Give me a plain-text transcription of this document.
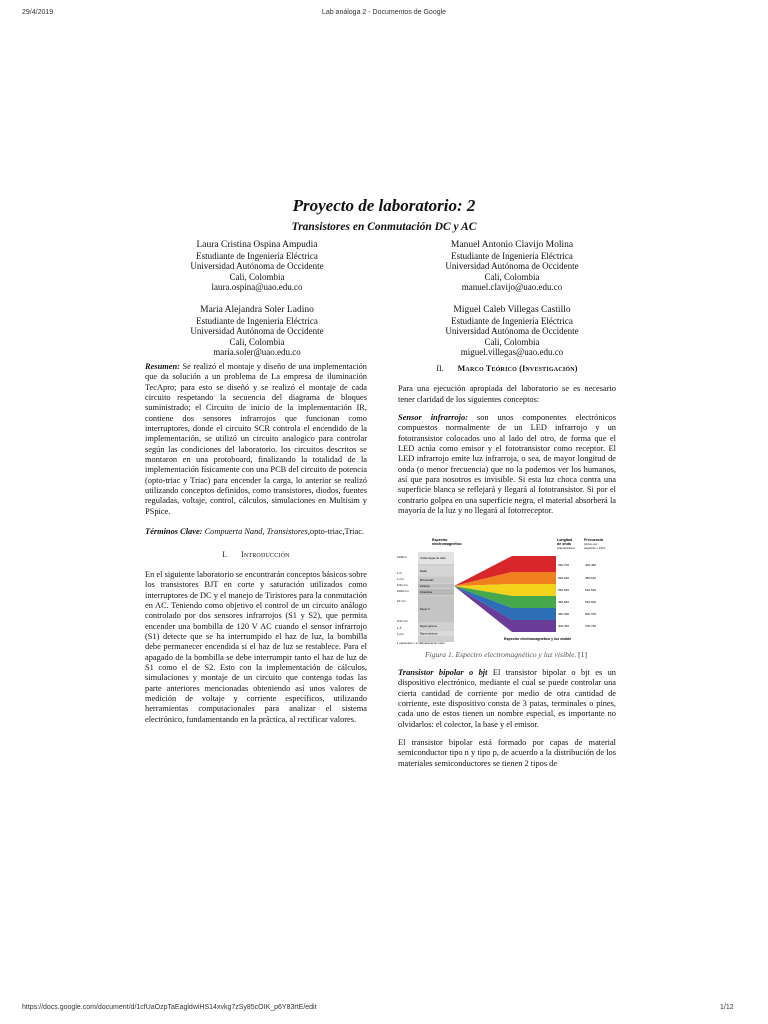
29/4/2019	Lab análoga 2 - Documentos de Google
https://docs.google.com/document/d/1cfUaOzpTaEagldwiHS14xvkg7zSy85cOIK_p6Y83rtE/edit	1/12
Proyecto de laboratorio: 2
Transistores en Conmutación DC y AC
Laura Cristina Ospina Ampudia
Estudiante de Ingeniería Eléctrica
Universidad Autónoma de Occidente
Cali, Colombia
laura.ospina@uao.edu.co
Manuel Antonio Clavijo Molina
Estudiante de Ingeniería Eléctrica
Universidad Autónoma de Occidente
Cali, Colombia
manuel.clavijo@uao.edu.co
Maria Alejandra Soler Ladino
Estudiante de Ingeniería Eléctrica
Universidad Autónoma de Occidente
Cali, Colombia
maria.soler@uao.edu.co
Miguel Caleb Villegas Castillo
Estudiante de Ingeniería Eléctrica
Universidad Autónoma de Occidente
Cali, Colombia
miguel.villegas@uao.edu.co

Resumen: Se realizó el montaje y diseño de una implementación que da solución a un problema de La empresa de iluminación TecApro; para esto se diseñó y se realizó el montaje de cada circuito respetando la secuencia del diagrama de bloques suministrado; el Circuito de inicio de la implementación IR, contiene dos sensores infrarrojos que funcionan como interruptores, donde el circuito SCR controla el encendido de la implementación, se utilizó un circuito analogico para controlar según las condiciones del laboratorio. los circuitos descritos se montaron en una protoboard, finalizando la totalidad de la implementación físicamente con una PCB del circuito de potencia (opto-triac y Triac) para encender la carga, lo anterior se realizó utilizando conceptos definidos, como transistores, diodos, fuentes reguladas, voltaje, control, cálculos, simulaciones en Multisim y PSpice.

Términos Clave: Compuerta Nand, Transistores,opto-triac,Triac.

I. Introducción

En el siguiente laboratorio se encontrarán conceptos básicos sobre los transistores BJT en corte y saturación utilizados como interruptores de DC y el manejo de Tiristores para la conmutación en AC. Teniendo como objetivo el control de un circuito análogo controlado por dos sensores infrarrojos (S1 y S2), que permita encender una bombilla de 120 V AC cuando el sensor infrarrojo (S1) detecte que se ha interrumpido el haz de luz, la bombilla debe permanecer encendida si el haz de luz se restablece. Para el apagado de la bombilla se debe interrumpir tanto el haz de luz de S1 como el de S2. Esto con la implementación de cálculos, simulaciones y montaje de un circuito que contenga todas las parte anteriores mencionadas obteniendo así unos valores de medición de voltaje y corriente específicos, utilizando herramientas computacionales para analizar el sistema electrónico, fundamentando en la práctica, al rectificar valores.

II. Marco Teórico (Investigación)

Para una ejecución apropiada del laboratorio se es necesario tener claridad de los siguientes conceptos:

Sensor infrarrojo: son unos componentes electrónicos compuestos normalmente de un LED infrarrojo y un fototransistor colocados uno al lado del otro, de forma que el LED actúa como emisor y el fototransistor como receptor. El LED infrarrojo emite luz infrarroja, o sea, de mayor longitud de onda (o menor frecuencia) que no la podemos ver los humanos, así que para nosotros es invisible. Si esta luz choca contra una superficie blanca se reflejará y llegará al fototransistor. Si por el contrario golpea en una superficie negra, el material absorberá la mayoría de la luz y no llegará al fotorreceptor.

Espectro
electromagnético
Longitud
de onda
(nanómetros)
Frecuencia
(ciclos por
segundo × 10¹²)
1000 m
1 m
1 cm
0.01 cm
1000 nm
10 nm
0.01 nm
1 Å
1 pm
Ondas largas de radio
Radar
Microondas
Infrarrojo
Ultravioleta
Rayos X
Rayos gamma
Rayos cósmicos
630-700
590-630
560-590
490-560
450-490
400-450
400-480
480-510
510-530
530-600
600-700
700-790
1 nanómetro = 1 millonésima de metro
Espectro electromagnético y luz visible
Figura 1. Espectro electromagnético y luz visible. [1]

Transistor bipolar o bjt El transistor bipolar o bjt es un dispositivo electrónico, mediante el cual se puede controlar una cierta cantidad de corriente por medio de otra cantidad de corriente, este dispositivo consta de 3 patas, terminales o pines, cada uno de estos tienen un nombre especial, es importante no olvidarlos: el colector, la base y el emisor.

El transistor bipolar está formado por capas de material semiconductor tipo n y tipo p, de acuerdo a la distribución de los materiales semiconductores se tienen 2 tipos de
